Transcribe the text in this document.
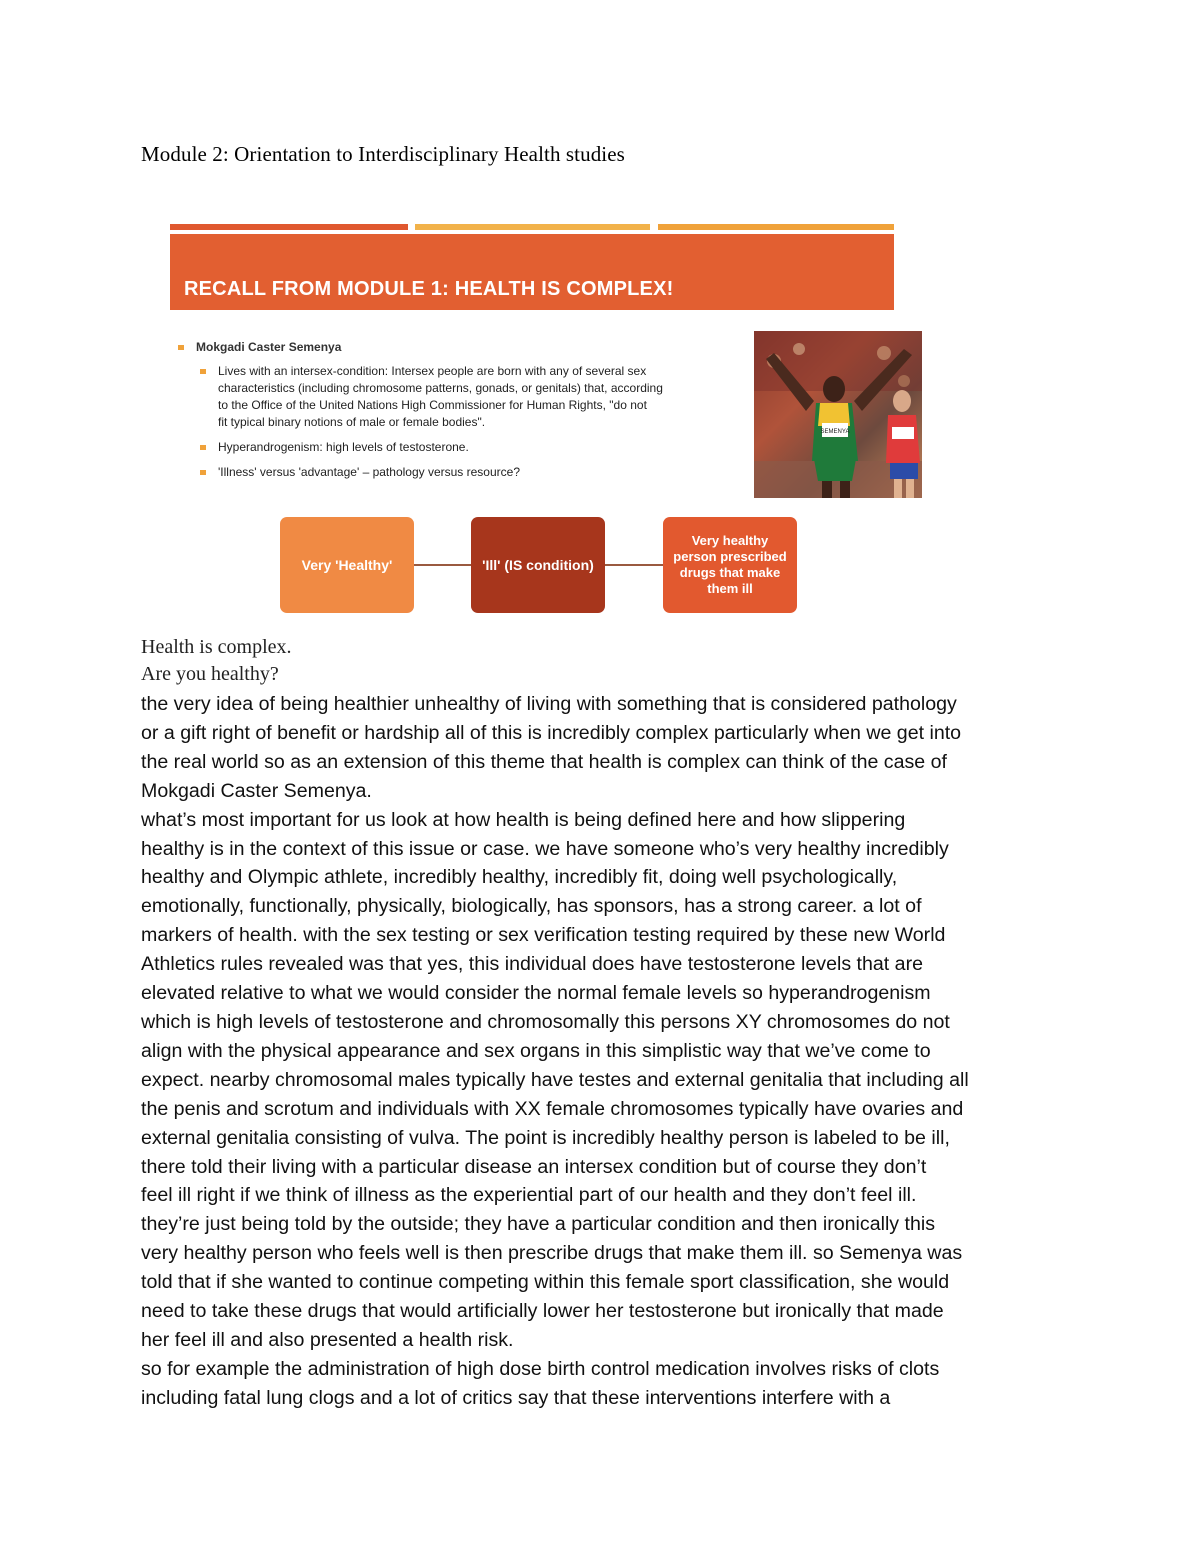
Module 2: Orientation to Interdisciplinary Health studies
RECALL FROM MODULE 1: HEALTH IS COMPLEX!
Mokgadi Caster Semenya
Lives with an intersex-condition: Intersex people are born with any of several sex
characteristics (including chromosome patterns, gonads, or genitals) that, according
to the Office of the United Nations High Commissioner for Human Rights, "do not
fit typical binary notions of male or female bodies".
Hyperandrogenism: high levels of testosterone.
'Illness' versus 'advantage' – pathology versus resource?
SEMENYA
Very 'Healthy'	'Ill' (IS condition)
Very healthy person prescribed drugs that make them ill

Health is complex.

Are you healthy?

the very idea of being healthier unhealthy of living with something that is considered pathology

or a gift right of benefit or hardship all of this is incredibly complex particularly when we get into

the real world so as an extension of this theme that health is complex can think of the case of

Mokgadi Caster Semenya.

what’s most important for us look at how health is being defined here and how slippering

healthy is in the context of this issue or case. we have someone who’s very healthy incredibly

healthy and Olympic athlete, incredibly healthy, incredibly fit, doing well psychologically,

emotionally, functionally, physically, biologically, has sponsors, has a strong career. a lot of

markers of health. with the sex testing or sex verification testing required by these new World

Athletics rules revealed was that yes, this individual does have testosterone levels that are

elevated relative to what we would consider the normal female levels so hyperandrogenism

which is high levels of testosterone and chromosomally this persons XY chromosomes do not

align with the physical appearance and sex organs in this simplistic way that we’ve come to

expect. nearby chromosomal males typically have testes and external genitalia that including all

the penis and scrotum and individuals with XX female chromosomes typically have ovaries and

external genitalia consisting of vulva. The point is incredibly healthy person is labeled to be ill,

there told their living with a particular disease an intersex condition but of course they don’t

feel ill right if we think of illness as the experiential part of our health and they don’t feel ill.

they’re just being told by the outside; they have a particular condition and then ironically this

very healthy person who feels well is then prescribe drugs that make them ill. so Semenya was

told that if she wanted to continue competing within this female sport classification, she would

need to take these drugs that would artificially lower her testosterone but ironically that made

her feel ill and also presented a health risk.

so for example the administration of high dose birth control medication involves risks of clots

including fatal lung clogs and a lot of critics say that these interventions interfere with a
